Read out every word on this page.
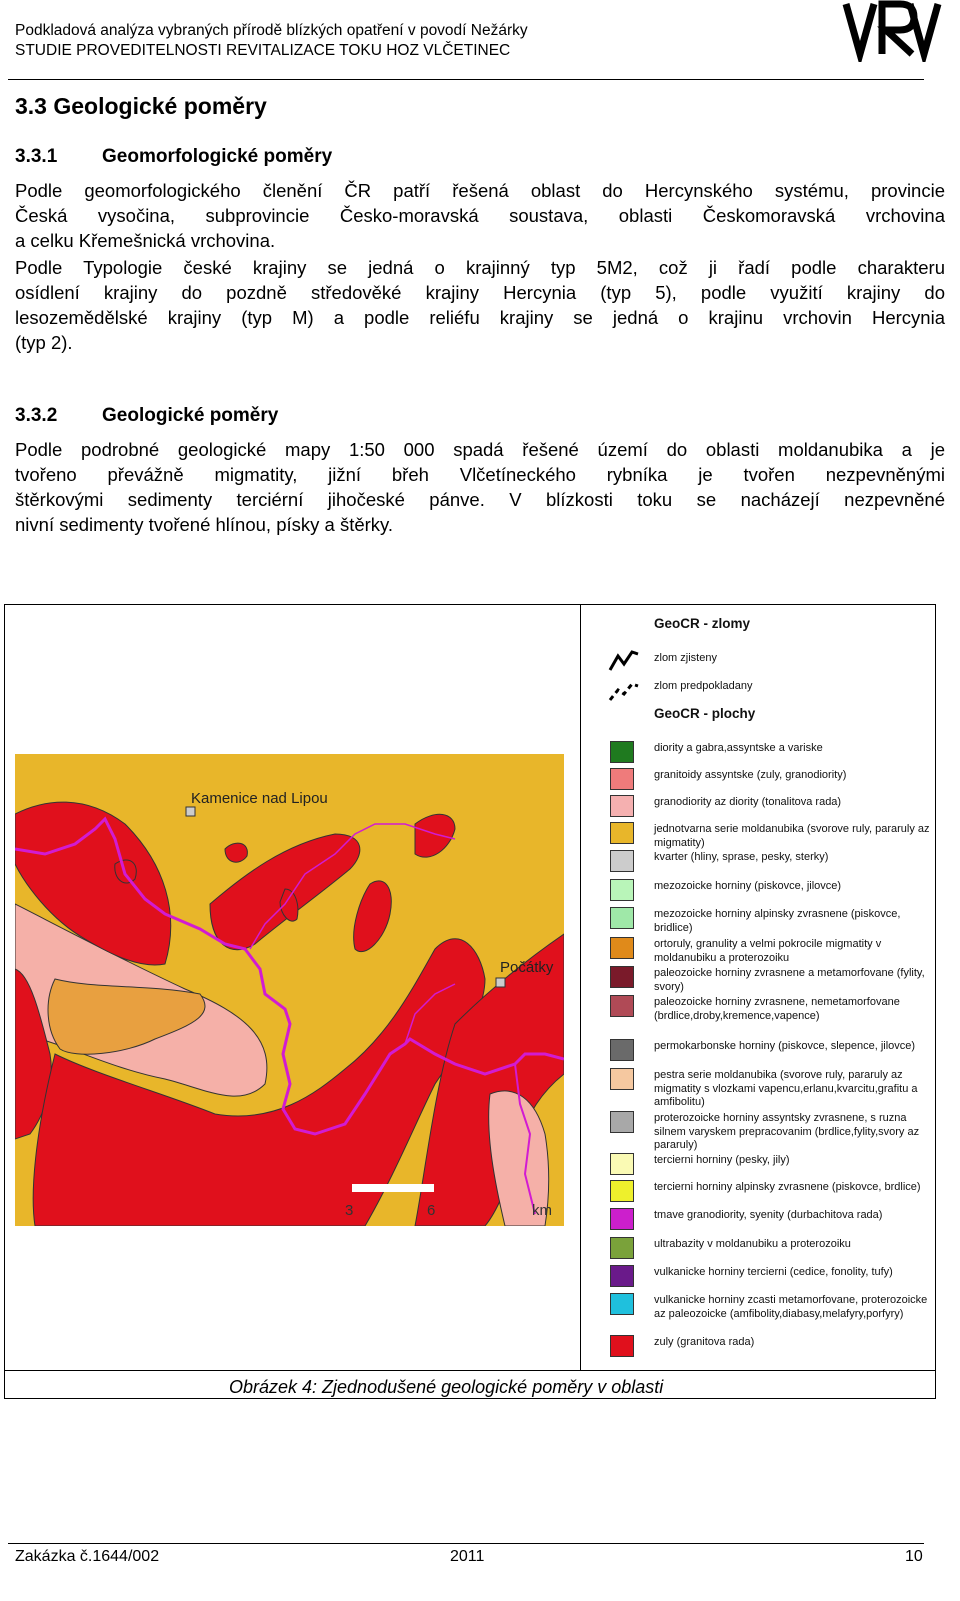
Podkladová analýza vybraných přírodě blízkých opatření v povodí Nežárky
STUDIE PROVEDITELNOSTI REVITALIZACE TOKU HOZ VLČETINEC
3.3 Geologické poměry
3.3.1 Geomorfologické poměry
Podle geomorfologického členění ČR patří řešená oblast do Hercynského systému, provincie
Česká vysočina, subprovincie Česko-moravská soustava, oblasti Českomoravská vrchovina
a celku Křemešnická vrchovina.
Podle Typologie české krajiny se jedná o krajinný typ 5M2, což ji řadí podle charakteru
osídlení krajiny do pozdně středověké krajiny Hercynia (typ 5), podle využití krajiny do
lesozemědělské krajiny (typ M) a podle reliéfu krajiny se jedná o krajinu vrchovin Hercynia
(typ 2).
3.3.2 Geologické poměry
Podle podrobné geologické mapy 1:50 000 spadá řešené území do oblasti moldanubika a je
tvořeno převážně migmatity, jižní břeh Vlčetíneckého rybníka je tvořen nezpevněnými
štěrkovými sedimenty terciérní jihočeské pánve. V blízkosti toku se nacházejí nezpevněné
nivní sedimenty tvořené hlínou, písky a štěrky.
Kamenice nad Lipou
Počátky
3	6	km
GeoCR - zlomy
zlom zjisteny
zlom predpokladany
GeoCR - plochy
diority a gabra,assyntske a variske
granitoidy assyntske (zuly, granodiority)
granodiority az diority (tonalitova rada)
jednotvarna serie moldanubika (svorove ruly, pararuly az migmatity)
kvarter (hliny, sprase, pesky, sterky)
mezozoicke horniny (piskovce, jilovce)
mezozoicke horniny alpinsky zvrasnene (piskovce, bridlice)
ortoruly, granulity a velmi pokrocile migmatity v moldanubiku a proterozoiku
paleozoicke horniny zvrasnene a metamorfovane (fylity, svory)
paleozoicke horniny zvrasnene, nemetamorfovane (brdlice,droby,kremence,vapence)
permokarbonske horniny (piskovce, slepence, jilovce)
pestra serie moldanubika (svorove ruly, pararuly az migmatity s vlozkami vapencu,erlanu,kvarcitu,grafitu a amfibolitu)
proterozoicke horniny assyntsky zvrasnene, s ruzna silnem varyskem prepracovanim (brdlice,fylity,svory az pararuly)
tercierni horniny (pesky, jily)
tercierni horniny alpinsky zvrasnene (piskovce, brdlice)
tmave granodiority, syenity (durbachitova rada)
ultrabazity v moldanubiku a proterozoiku
vulkanicke horniny tercierni (cedice, fonolity, tufy)
vulkanicke horniny zcasti metamorfovane, proterozoicke az paleozoicke (amfibolity,diabasy,melafyry,porfyry)
zuly (granitova rada)
Obrázek 4: Zjednodušené geologické poměry v oblasti
Zakázka č.1644/002	2011	10
